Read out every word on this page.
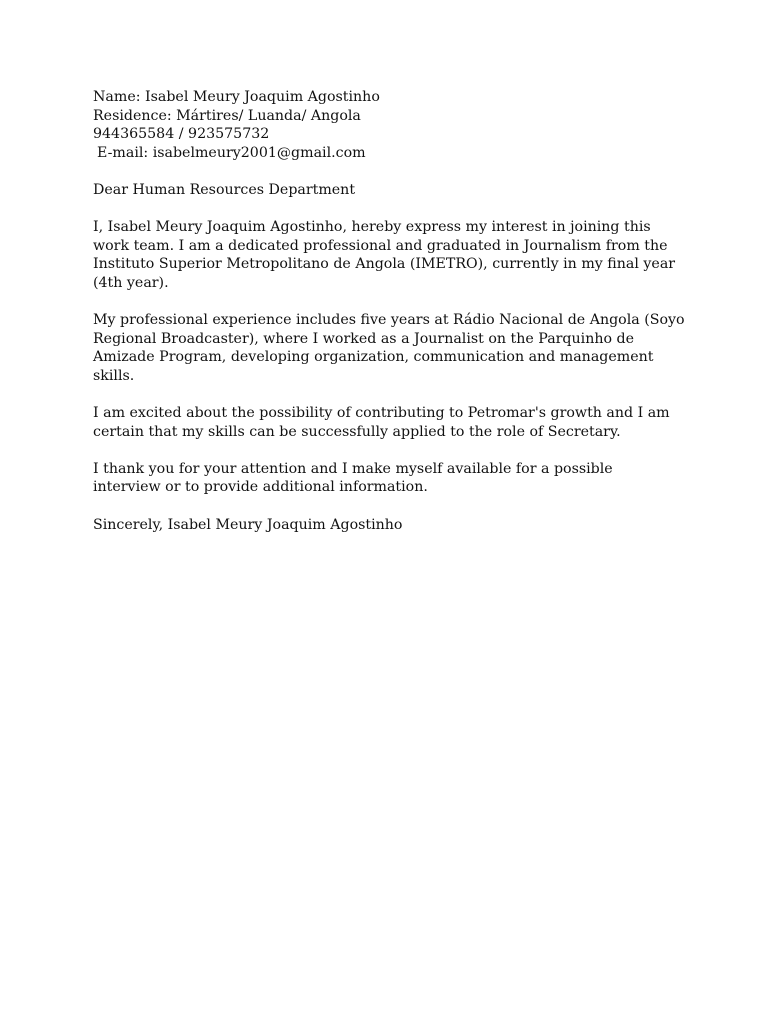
Name: Isabel Meury Joaquim Agostinho

Residence: Mártires/ Luanda/ Angola

944365584 / 923575732

E-mail: isabelmeury2001@gmail.com

Dear Human Resources Department

I, Isabel Meury Joaquim Agostinho, hereby express my interest in joining this

work team. I am a dedicated professional and graduated in Journalism from the

Instituto Superior Metropolitano de Angola (IMETRO), currently in my final year

(4th year).

My professional experience includes five years at Rádio Nacional de Angola (Soyo

Regional Broadcaster), where I worked as a Journalist on the Parquinho de

Amizade Program, developing organization, communication and management

skills.

I am excited about the possibility of contributing to Petromar's growth and I am

certain that my skills can be successfully applied to the role of Secretary.

I thank you for your attention and I make myself available for a possible

interview or to provide additional information.

Sincerely, Isabel Meury Joaquim Agostinho
